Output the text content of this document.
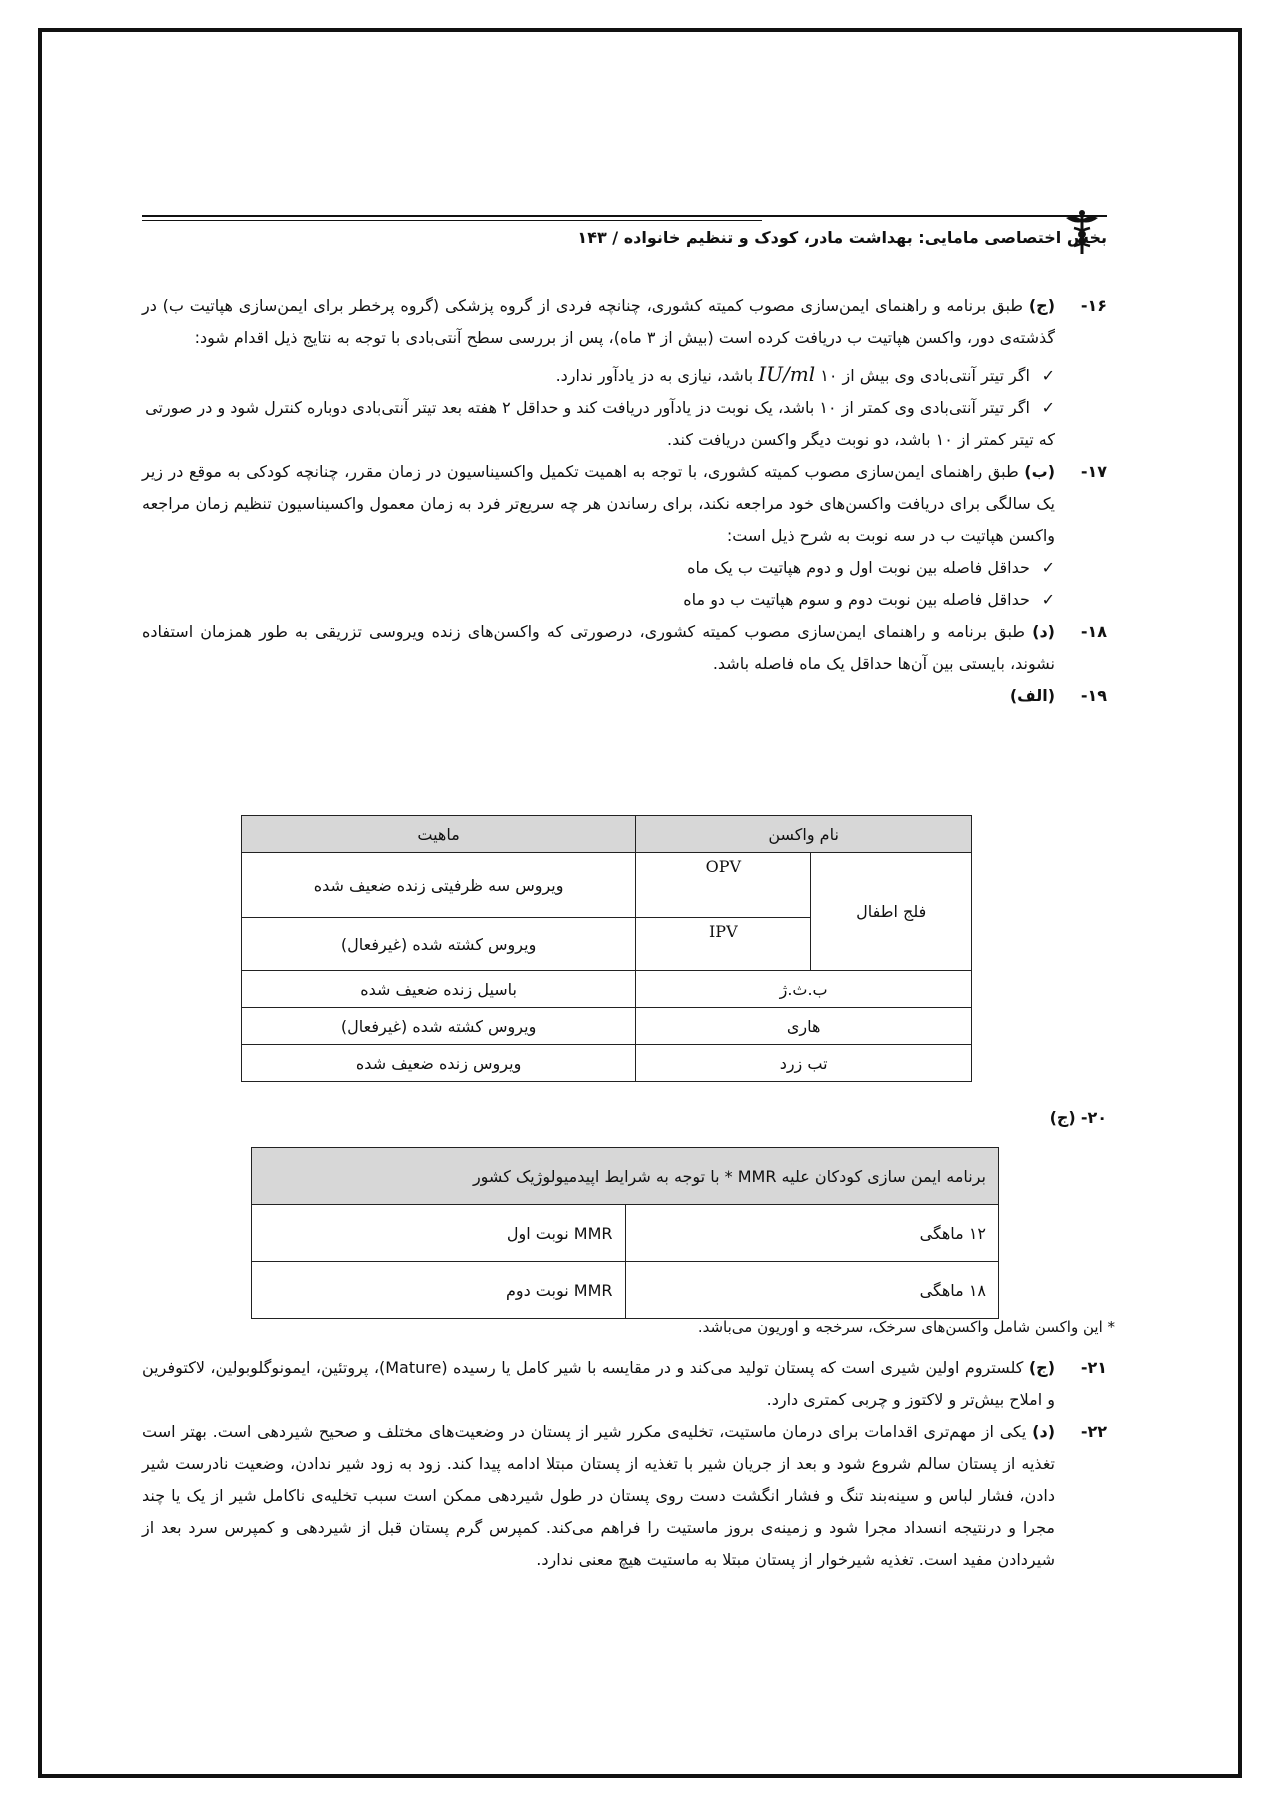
بخش اختصاصی مامایی: بهداشت مادر، کودک و تنظیم خانواده / ۱۴۳

۱۶-
(ج) طبق برنامه و راهنمای ایمن‌سازی مصوب کمیته کشوری، چنانچه فردی از گروه پزشکی (گروه پرخطر برای ایمن‌سازی هپاتیت ب) در گذشته‌ی دور، واکسن هپاتیت ب دریافت کرده است (بیش از ۳ ماه)، پس از بررسی سطح آنتی‌بادی با توجه به نتایج ذیل اقدام شود:

✓ اگر تیتر آنتی‌بادی وی بیش از ۱۰ IU/ml باشد، نیازی به دز یادآور ندارد.
✓ اگر تیتر آنتی‌بادی وی کمتر از ۱۰ باشد، یک نوبت دز یادآور دریافت کند و حداقل ۲ هفته بعد تیتر آنتی‌بادی دوباره کنترل شود و در صورتی که تیتر کمتر از ۱۰ باشد، دو نوبت دیگر واکسن دریافت کند.

۱۷-
(ب) طبق راهنمای ایمن‌سازی مصوب کمیته کشوری، با توجه به اهمیت تکمیل واکسیناسیون در زمان مقرر، چنانچه کودکی به موقع در زیر یک سالگی برای دریافت واکسن‌های خود مراجعه نکند، برای رساندن هر چه سریع‌تر فرد به زمان معمول واکسیناسیون تنظیم زمان مراجعه واکسن هپاتیت ب در سه نوبت به شرح ذیل است:

✓ حداقل فاصله بین نوبت اول و دوم هپاتیت ب یک ماه
✓ حداقل فاصله بین نوبت دوم و سوم هپاتیت ب دو ماه

۱۸-
(د) طبق برنامه و راهنمای ایمن‌سازی مصوب کمیته کشوری، درصورتی که واکسن‌های زنده ویروسی تزریقی به طور همزمان استفاده نشوند، بایستی بین آن‌ها حداقل یک ماه فاصله باشد.

۱۹-
(الف)

نام واکسن		ماهیت
فلج اطفال	OPV	ویروس سه ظرفیتی زنده ضعیف شده
	IPV	ویروس کشته شده (غیرفعال)
ب.ث.ژ		باسیل زنده ضعیف شده
هاری		ویروس کشته شده (غیرفعال)
تب زرد		ویروس زنده ضعیف شده
۲۰- (ج)
برنامه ایمن سازی کودکان علیه MMR * با توجه به شرایط اپیدمیولوژیک کشور	
۱۲ ماهگی	MMR نوبت اول
۱۸ ماهگی	MMR نوبت دوم
* این واکسن شامل واکسن‌های سرخک، سرخجه و اوریون می‌باشد.

۲۱-
(ج) کلستروم اولین شیری است که پستان تولید می‌کند و در مقایسه با شیر کامل یا رسیده (Mature)، پروتئین، ایمونوگلوبولین، لاکتوفرین و املاح بیش‌تر و لاکتوز و چربی کمتری دارد.

۲۲-
(د) یکی از مهم‌تری اقدامات برای درمان ماستیت، تخلیه‌ی مکرر شیر از پستان در وضعیت‌های مختلف و صحیح شیردهی است. بهتر است تغذیه از پستان سالم شروع شود و بعد از جریان شیر با تغذیه از پستان مبتلا ادامه پیدا کند. زود به زود شیر ندادن، وضعیت نادرست شیر دادن، فشار لباس و سینه‌بند تنگ و فشار انگشت دست روی پستان در طول شیردهی ممکن است سبب تخلیه‌ی ناکامل شیر از یک یا چند مجرا و درنتیجه انسداد مجرا شود و زمینه‌ی بروز ماستیت را فراهم می‌کند. کمپرس گرم پستان قبل از شیردهی و کمپرس سرد بعد از شیردادن مفید است. تغذیه شیرخوار از پستان مبتلا به ماستیت هیچ معنی ندارد.
